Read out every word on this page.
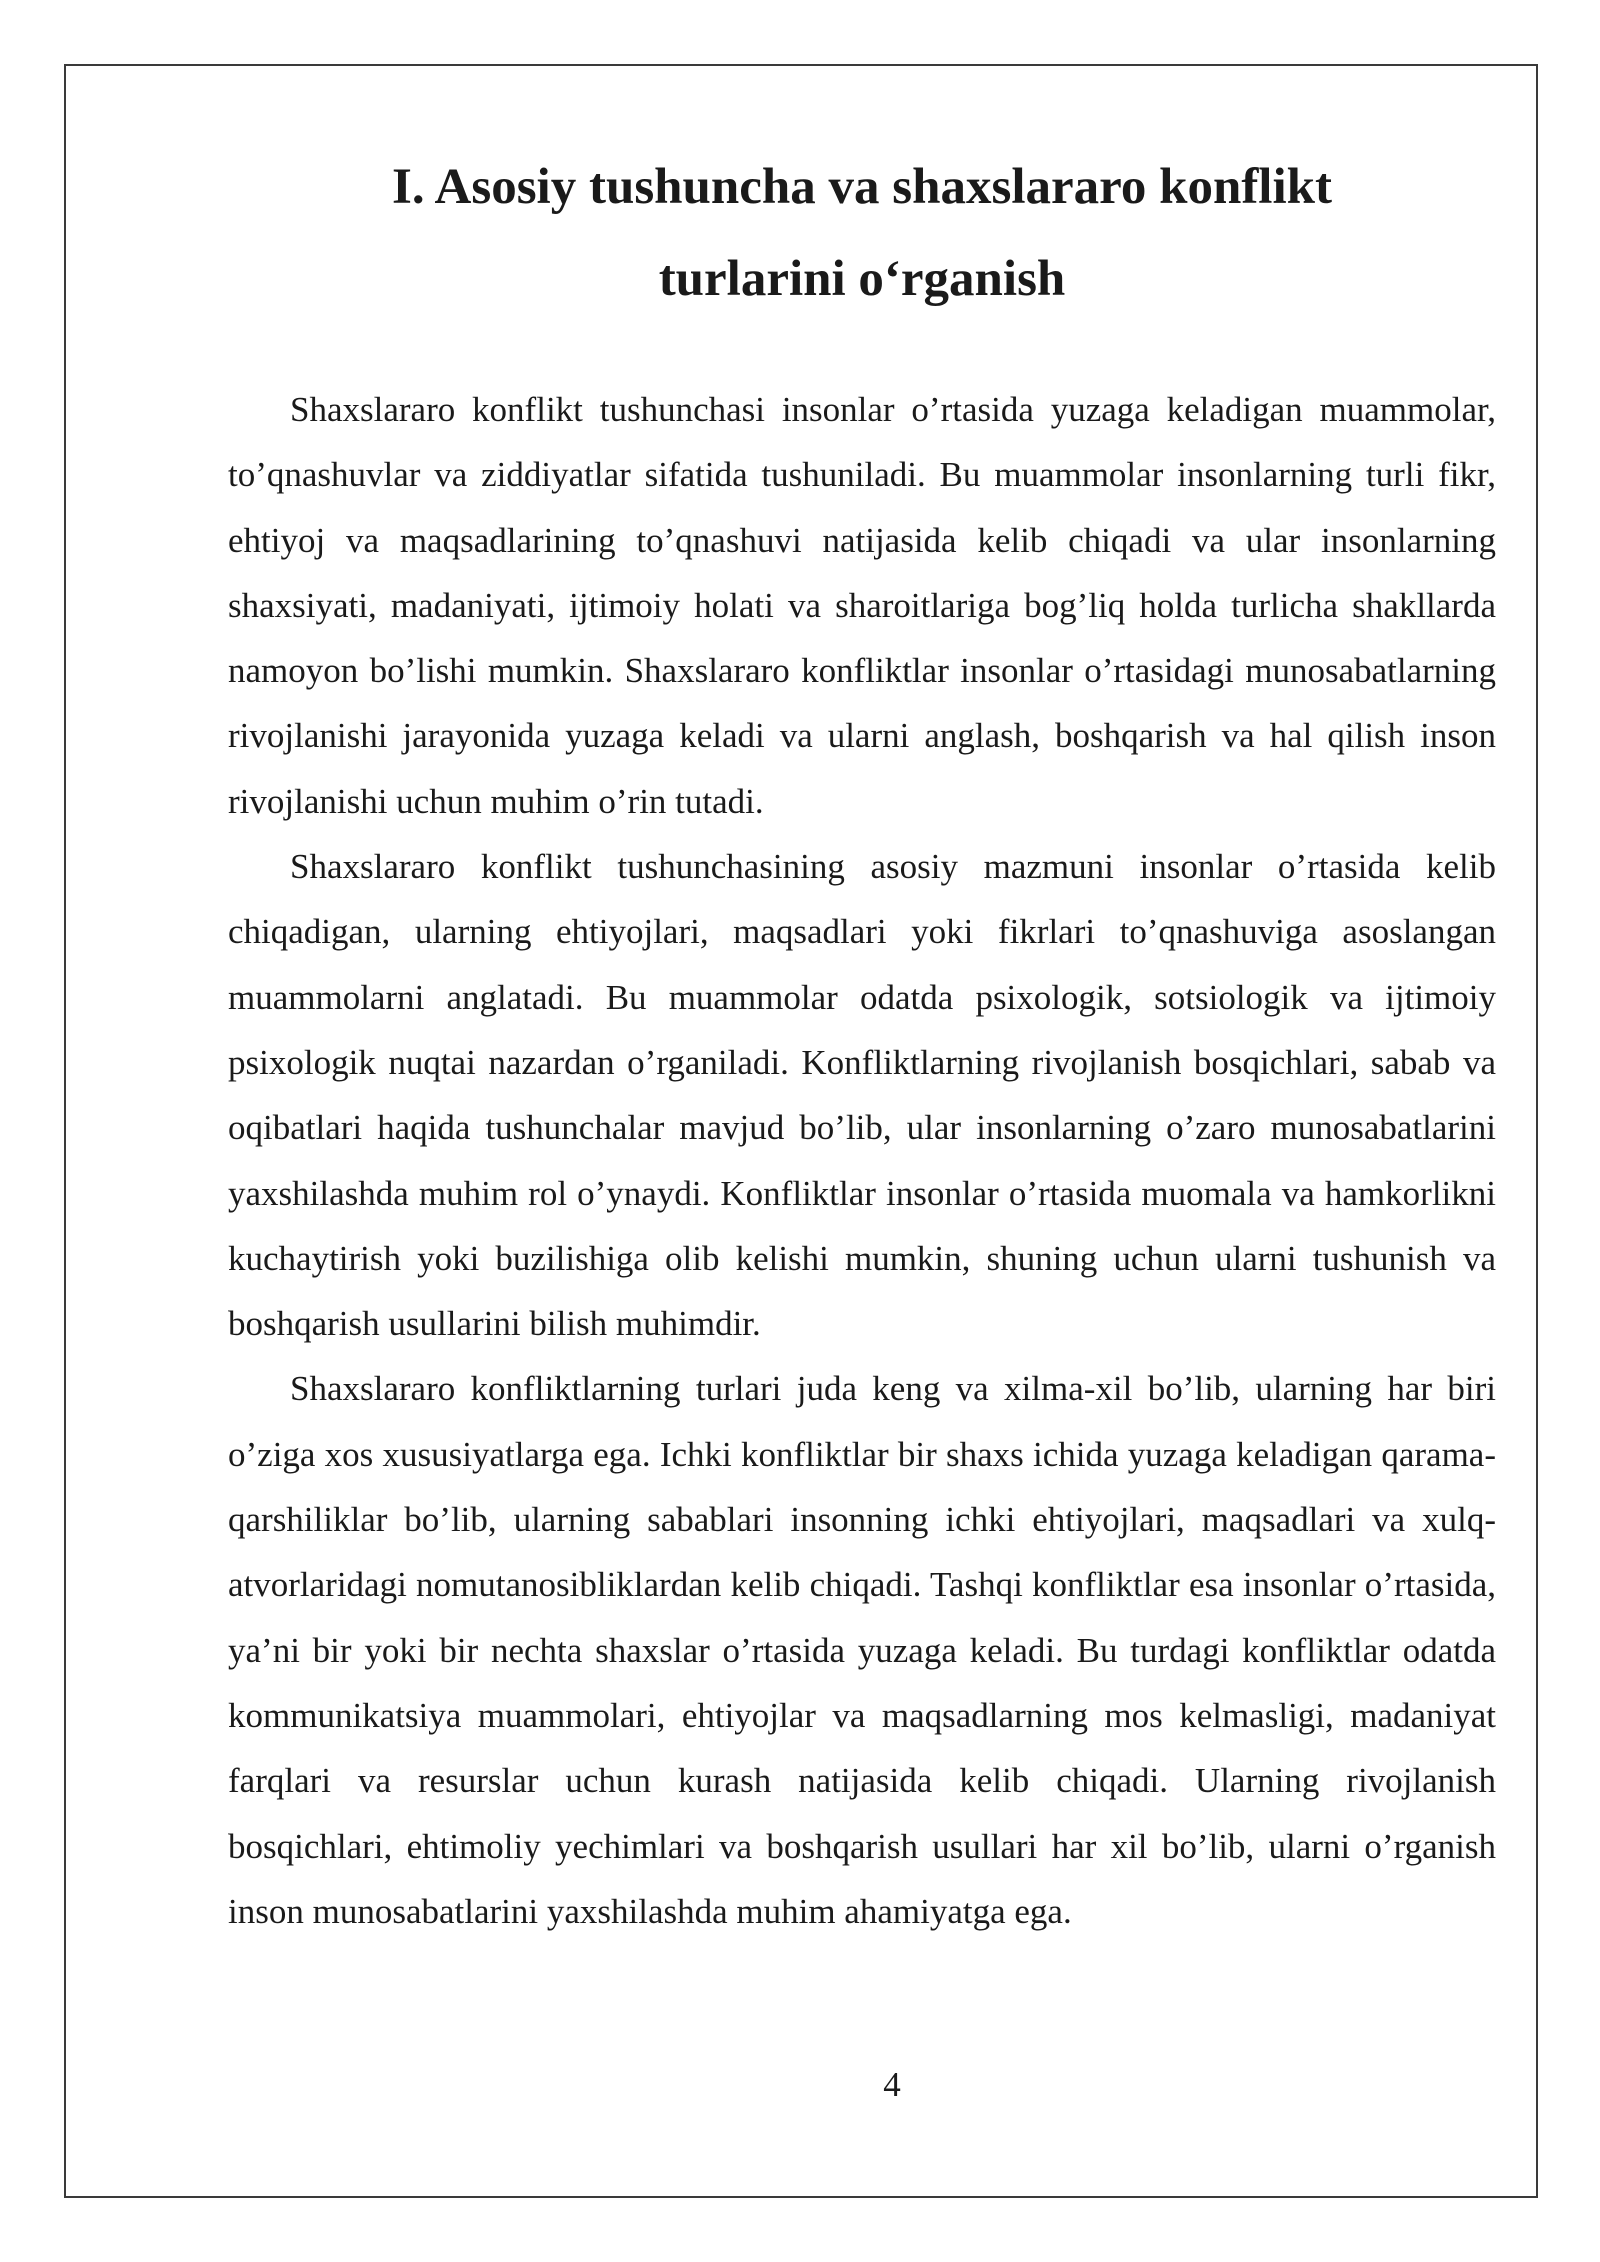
I. Asosiy tushuncha va shaxslararo konflikt
turlarini o‘rganish

Shaxslararo konflikt tushunchasi insonlar o’rtasida yuzaga keladigan muammolar, to’qnashuvlar va ziddiyatlar sifatida tushuniladi. Bu muammolar insonlarning turli fikr, ehtiyoj va maqsadlarining to’qnashuvi natijasida kelib chiqadi va ular insonlarning shaxsiyati, madaniyati, ijtimoiy holati va sharoitlariga bog’liq holda turlicha shakllarda namoyon bo’lishi mumkin. Shaxslararo konfliktlar insonlar o’rtasidagi munosabatlarning rivojlanishi jarayonida yuzaga keladi va ularni anglash, boshqarish va hal qilish inson rivojlanishi uchun muhim o’rin tutadi.

Shaxslararo konflikt tushunchasining asosiy mazmuni insonlar o’rtasida kelib chiqadigan, ularning ehtiyojlari, maqsadlari yoki fikrlari to’qnashuviga asoslangan muammolarni anglatadi. Bu muammolar odatda psixologik, sotsiologik va ijtimoiy psixologik nuqtai nazardan o’rganiladi. Konfliktlarning rivojlanish bosqichlari, sabab va oqibatlari haqida tushunchalar mavjud bo’lib, ular insonlarning o’zaro munosabatlarini yaxshilashda muhim rol o’ynaydi. Konfliktlar insonlar o’rtasida muomala va hamkorlikni kuchaytirish yoki buzilishiga olib kelishi mumkin, shuning uchun ularni tushunish va boshqarish usullarini bilish muhimdir.

Shaxslararo konfliktlarning turlari juda keng va xilma-xil bo’lib, ularning har biri o’ziga xos xususiyatlarga ega. Ichki konfliktlar bir shaxs ichida yuzaga keladigan qarama-qarshiliklar bo’lib, ularning sabablari insonning ichki ehtiyojlari, maqsadlari va xulq-atvorlaridagi nomutanosibliklardan kelib chiqadi. Tashqi konfliktlar esa insonlar o’rtasida, ya’ni bir yoki bir nechta shaxslar o’rtasida yuzaga keladi. Bu turdagi konfliktlar odatda kommunikatsiya muammolari, ehtiyojlar va maqsadlarning mos kelmasligi, madaniyat farqlari va resurslar uchun kurash natijasida kelib chiqadi. Ularning rivojlanish bosqichlari, ehtimoliy yechimlari va boshqarish usullari har xil bo’lib, ularni o’rganish inson munosabatlarini yaxshilashda muhim ahamiyatga ega.

4
